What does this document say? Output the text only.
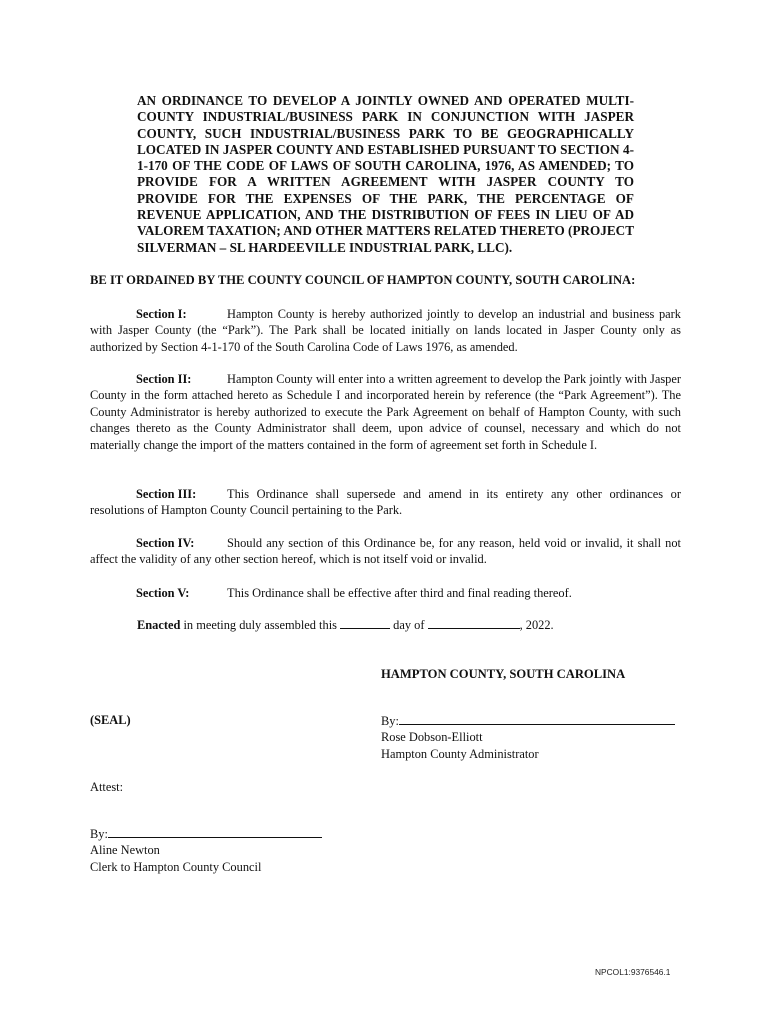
AN ORDINANCE TO DEVELOP A JOINTLY OWNED AND OPERATED MULTI-COUNTY INDUSTRIAL/BUSINESS PARK IN CONJUNCTION WITH JASPER COUNTY, SUCH INDUSTRIAL/BUSINESS PARK TO BE GEOGRAPHICALLY LOCATED IN JASPER COUNTY AND ESTABLISHED PURSUANT TO SECTION 4-1-170 OF THE CODE OF LAWS OF SOUTH CAROLINA, 1976, AS AMENDED; TO PROVIDE FOR A WRITTEN AGREEMENT WITH JASPER COUNTY TO PROVIDE FOR THE EXPENSES OF THE PARK, THE PERCENTAGE OF REVENUE APPLICATION, AND THE DISTRIBUTION OF FEES IN LIEU OF AD VALOREM TAXATION; AND OTHER MATTERS RELATED THERETO (PROJECT SILVERMAN – SL HARDEEVILLE INDUSTRIAL PARK, LLC).

BE IT ORDAINED BY THE COUNTY COUNCIL OF HAMPTON COUNTY, SOUTH CAROLINA:

Section I:	Hampton County is hereby authorized jointly to develop an industrial and business park with Jasper County (the “Park”). The Park shall be located initially on lands located in Jasper County only as authorized by Section 4-1-170 of the South Carolina Code of Laws 1976, as amended.

Section II:	Hampton County will enter into a written agreement to develop the Park jointly with Jasper County in the form attached hereto as Schedule I and incorporated herein by reference (the “Park Agreement”). The County Administrator is hereby authorized to execute the Park Agreement on behalf of Hampton County, with such changes thereto as the County Administrator shall deem, upon advice of counsel, necessary and which do not materially change the import of the matters contained in the form of agreement set forth in Schedule I.

Section III: This Ordinance shall supersede and amend in its entirety any other ordinances or resolutions of Hampton County Council pertaining to the Park.

Section IV:	Should any section of this Ordinance be, for any reason, held void or invalid, it shall not affect the validity of any other section hereof, which is not itself void or invalid.

Section V:	This Ordinance shall be effective after third and final reading thereof.

Enacted in meeting duly assembled this	day of	, 2022.
HAMPTON COUNTY, SOUTH CAROLINA
(SEAL)	By:
Rose Dobson-Elliott
Hampton County Administrator
Attest:
By:
Aline Newton
Clerk to Hampton County Council
NPCOL1:9376546.1
